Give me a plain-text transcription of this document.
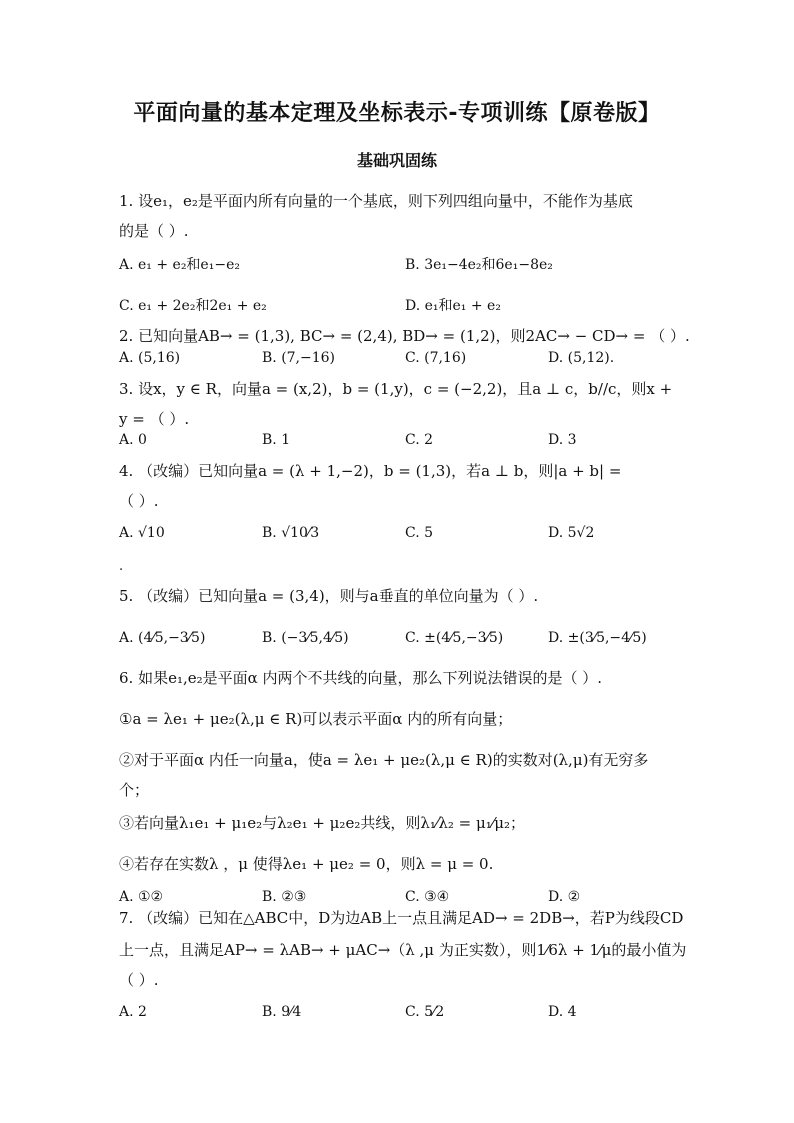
平面向量的基本定理及坐标表示-专项训练【原卷版】
基础巩固练
1. 设e₁，e₂是平面内所有向量的一个基底，则下列四组向量中，不能作为基底
的是（ ）.
A. e₁ + e₂和e₁−e₂	B. 3e₁−4e₂和6e₁−8e₂
C. e₁ + 2e₂和2e₁ + e₂	D. e₁和e₁ + e₂
2. 已知向量AB→ = (1,3), BC→ = (2,4), BD→ = (1,2)，则2AC→ − CD→ = （ ）.
A. (5,16)	B. (7,−16)	C. (7,16)	D. (5,12).
3. 设x，y ∈ R，向量a = (x,2)，b = (1,y)，c = (−2,2)，且a ⊥ c，b//c，则x +
y = （ ）.
A. 0	B. 1	C. 2	D. 3
4. （改编）已知向量a = (λ + 1,−2)，b = (1,3)，若a ⊥ b，则|a + b| =
（ ）.
A. √10	B. √10⁄3	C. 5	D. 5√2
.
5. （改编）已知向量a = (3,4)，则与a垂直的单位向量为（ ）.
A. (4⁄5,−3⁄5)	B. (−3⁄5,4⁄5)	C. ±(4⁄5,−3⁄5)	D. ±(3⁄5,−4⁄5)
6. 如果e₁,e₂是平面α 内两个不共线的向量，那么下列说法错误的是（ ）.
①a = λe₁ + μe₂(λ,μ ∈ R)可以表示平面α 内的所有向量；
②对于平面α 内任一向量a，使a = λe₁ + μe₂(λ,μ ∈ R)的实数对(λ,μ)有无穷多
个；
③若向量λ₁e₁ + μ₁e₂与λ₂e₁ + μ₂e₂共线，则λ₁⁄λ₂ = μ₁⁄μ₂；
④若存在实数λ ，μ 使得λe₁ + μe₂ = 0，则λ = μ = 0.
A. ①②	B. ②③	C. ③④	D. ②
7. （改编）已知在△ABC中，D为边AB上一点且满足AD→ = 2DB→，若P为线段CD
上一点，且满足AP→ = λAB→ + μAC→（λ ,μ 为正实数），则1⁄6λ + 1⁄μ的最小值为
（ ）.
A. 2	B. 9⁄4	C. 5⁄2	D. 4
